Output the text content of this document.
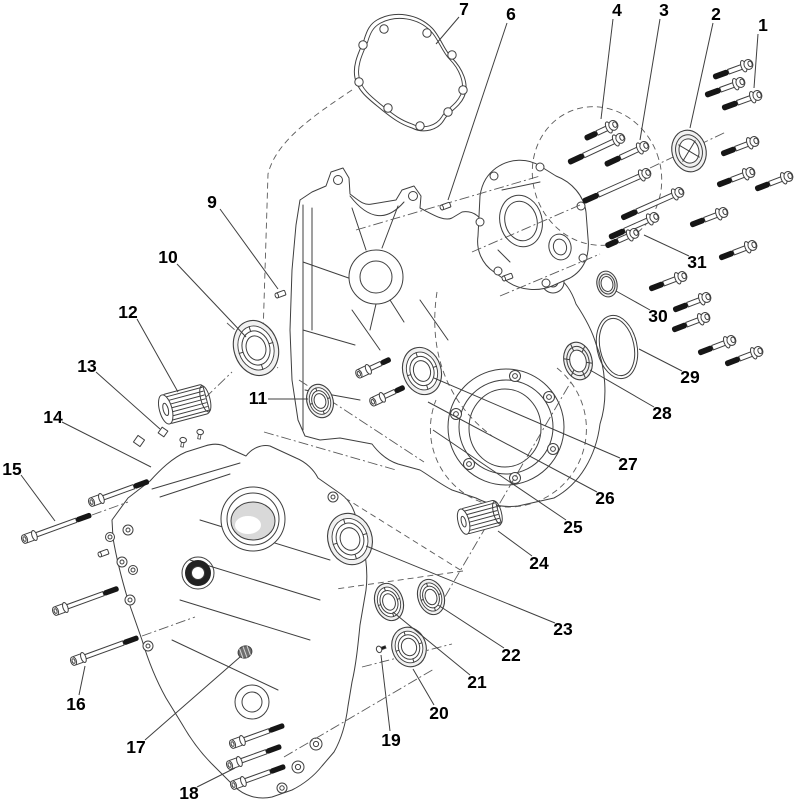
1
2
3
4
6
7
9
10
11
12
13
14
15
16
17
18
19
20
21
22
23
24
25
26
27
28
29
30
31
